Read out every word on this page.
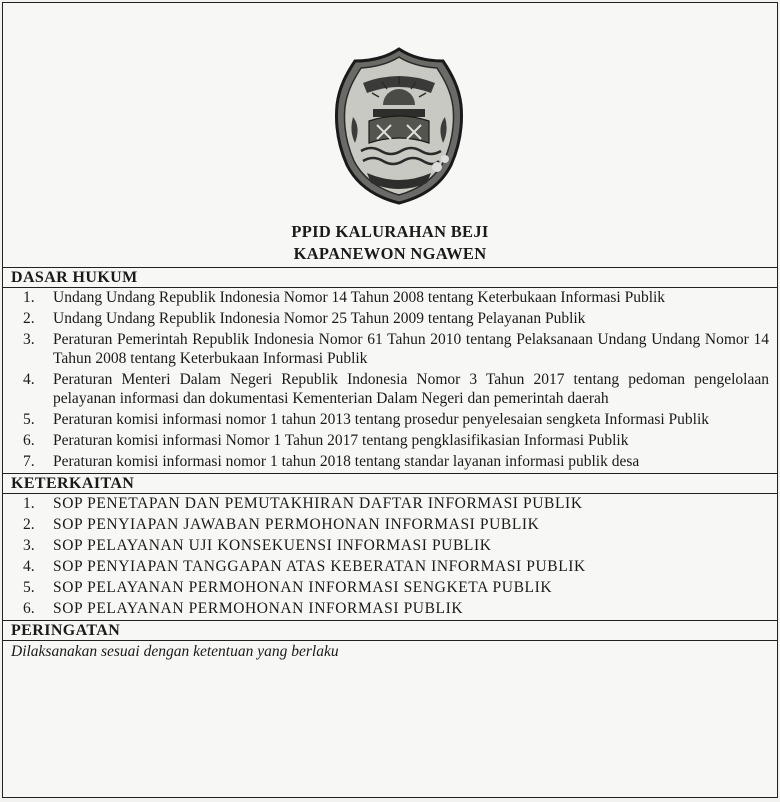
PPID KALURAHAN BEJI
KAPANEWON NGAWEN
DASAR HUKUM
1. Undang Undang Republik Indonesia Nomor 14 Tahun 2008 tentang Keterbukaan Informasi Publik
2. Undang Undang Republik Indonesia Nomor 25 Tahun 2009 tentang Pelayanan Publik
3. Peraturan Pemerintah Republik Indonesia Nomor 61 Tahun 2010 tentang Pelaksanaan Undang Undang Nomor 14 Tahun 2008 tentang Keterbukaan Informasi Publik
4. Peraturan Menteri Dalam Negeri Republik Indonesia Nomor 3 Tahun 2017 tentang pedoman pengelolaan pelayanan informasi dan dokumentasi Kementerian Dalam Negeri dan pemerintah daerah
5. Peraturan komisi informasi nomor 1 tahun 2013 tentang prosedur penyelesaian sengketa Informasi Publik
6. Peraturan komisi informasi Nomor 1 Tahun 2017 tentang pengklasifikasian Informasi Publik
7. Peraturan komisi informasi nomor 1 tahun 2018 tentang standar layanan informasi publik desa
KETERKAITAN
1. SOP PENETAPAN DAN PEMUTAKHIRAN DAFTAR INFORMASI PUBLIK
2. SOP PENYIAPAN JAWABAN PERMOHONAN INFORMASI PUBLIK
3. SOP PELAYANAN UJI KONSEKUENSI INFORMASI PUBLIK
4. SOP PENYIAPAN TANGGAPAN ATAS KEBERATAN INFORMASI PUBLIK
5. SOP PELAYANAN PERMOHONAN INFORMASI SENGKETA PUBLIK
6. SOP PELAYANAN PERMOHONAN INFORMASI PUBLIK
PERINGATAN
Dilaksanakan sesuai dengan ketentuan yang berlaku
